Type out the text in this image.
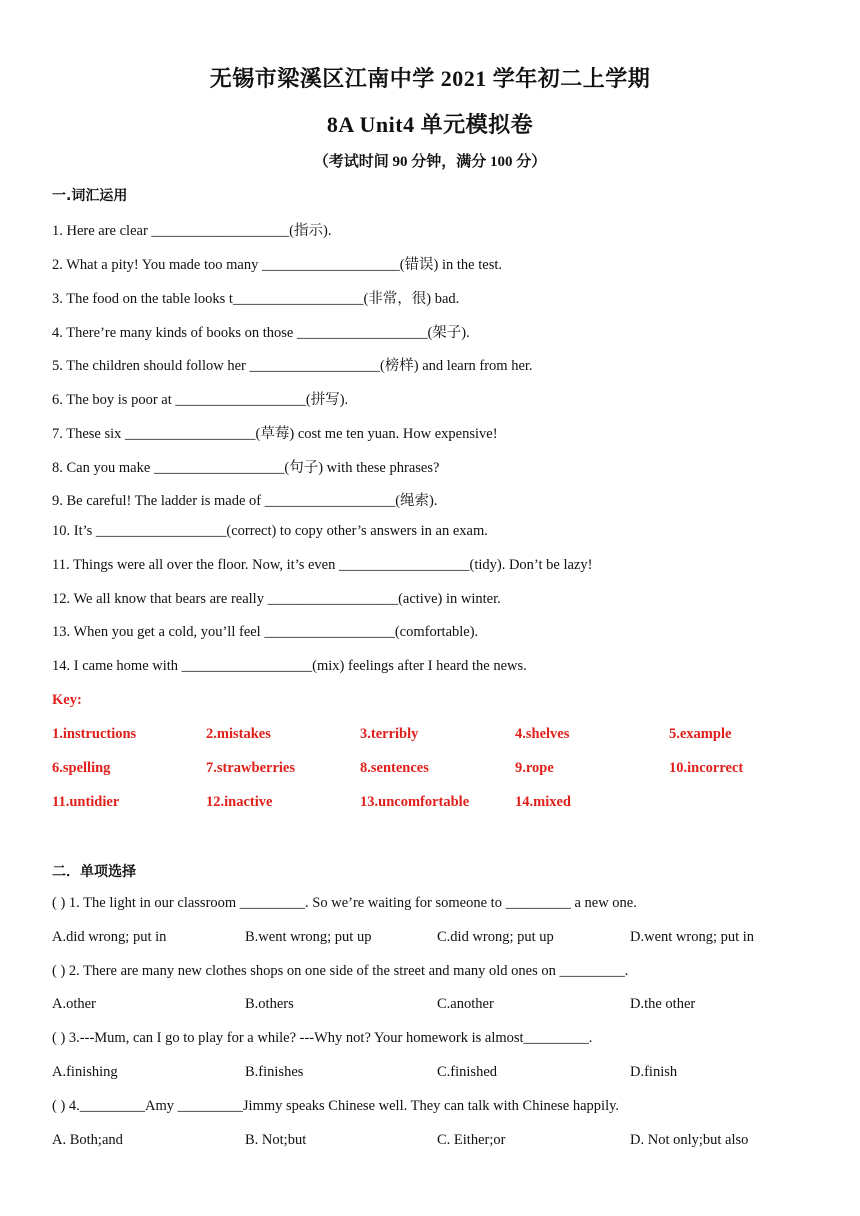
无锡市梁溪区江南中学 2021 学年初二上学期
8A Unit4 单元模拟卷
（考试时间 90 分钟，满分 100 分）
一.词汇运用
1. Here are clear ___________________(指示).
2. What a pity! You made too many ___________________(错误) in the test.
3. The food on the table looks t__________________(非常，很) bad.
4. There’re many kinds of books on those __________________(架子).
5. The children should follow her __________________(榜样) and learn from her.
6. The boy is poor at __________________(拼写).
7. These six __________________(草莓) cost me ten yuan. How expensive!
8. Can you make __________________(句子) with these phrases?
9. Be careful! The ladder is made of __________________(绳索).
10. It’s __________________(correct) to copy other’s answers in an exam.
11. Things were all over the floor. Now, it’s even __________________(tidy). Don’t be lazy!
12. We all know that bears are really __________________(active) in winter.
13. When you get a cold, you’ll feel __________________(comfortable).
14. I came home with __________________(mix) feelings after I heard the news.
Key:
1.instructions	2.mistakes	3.terribly	4.shelves	5.example
6.spelling	7.strawberries	8.sentences	9.rope	10.incorrect
11.untidier	12.inactive	13.uncomfortable	14.mixed
二．单项选择
( ) 1. The light in our classroom _________. So we’re waiting for someone to _________ a new one.
A.did wrong; put in	B.went wrong; put up	C.did wrong; put up	D.went wrong; put in
( ) 2. There are many new clothes shops on one side of the street and many old ones on _________.
A.other	B.others	C.another	D.the other
( ) 3.---Mum, can I go to play for a while? ---Why not? Your homework is almost_________.
A.finishing	B.finishes	C.finished	D.finish
( ) 4._________Amy _________Jimmy speaks Chinese well. They can talk with Chinese happily.
A. Both;and	B. Not;but	C. Either;or	D. Not only;but also
